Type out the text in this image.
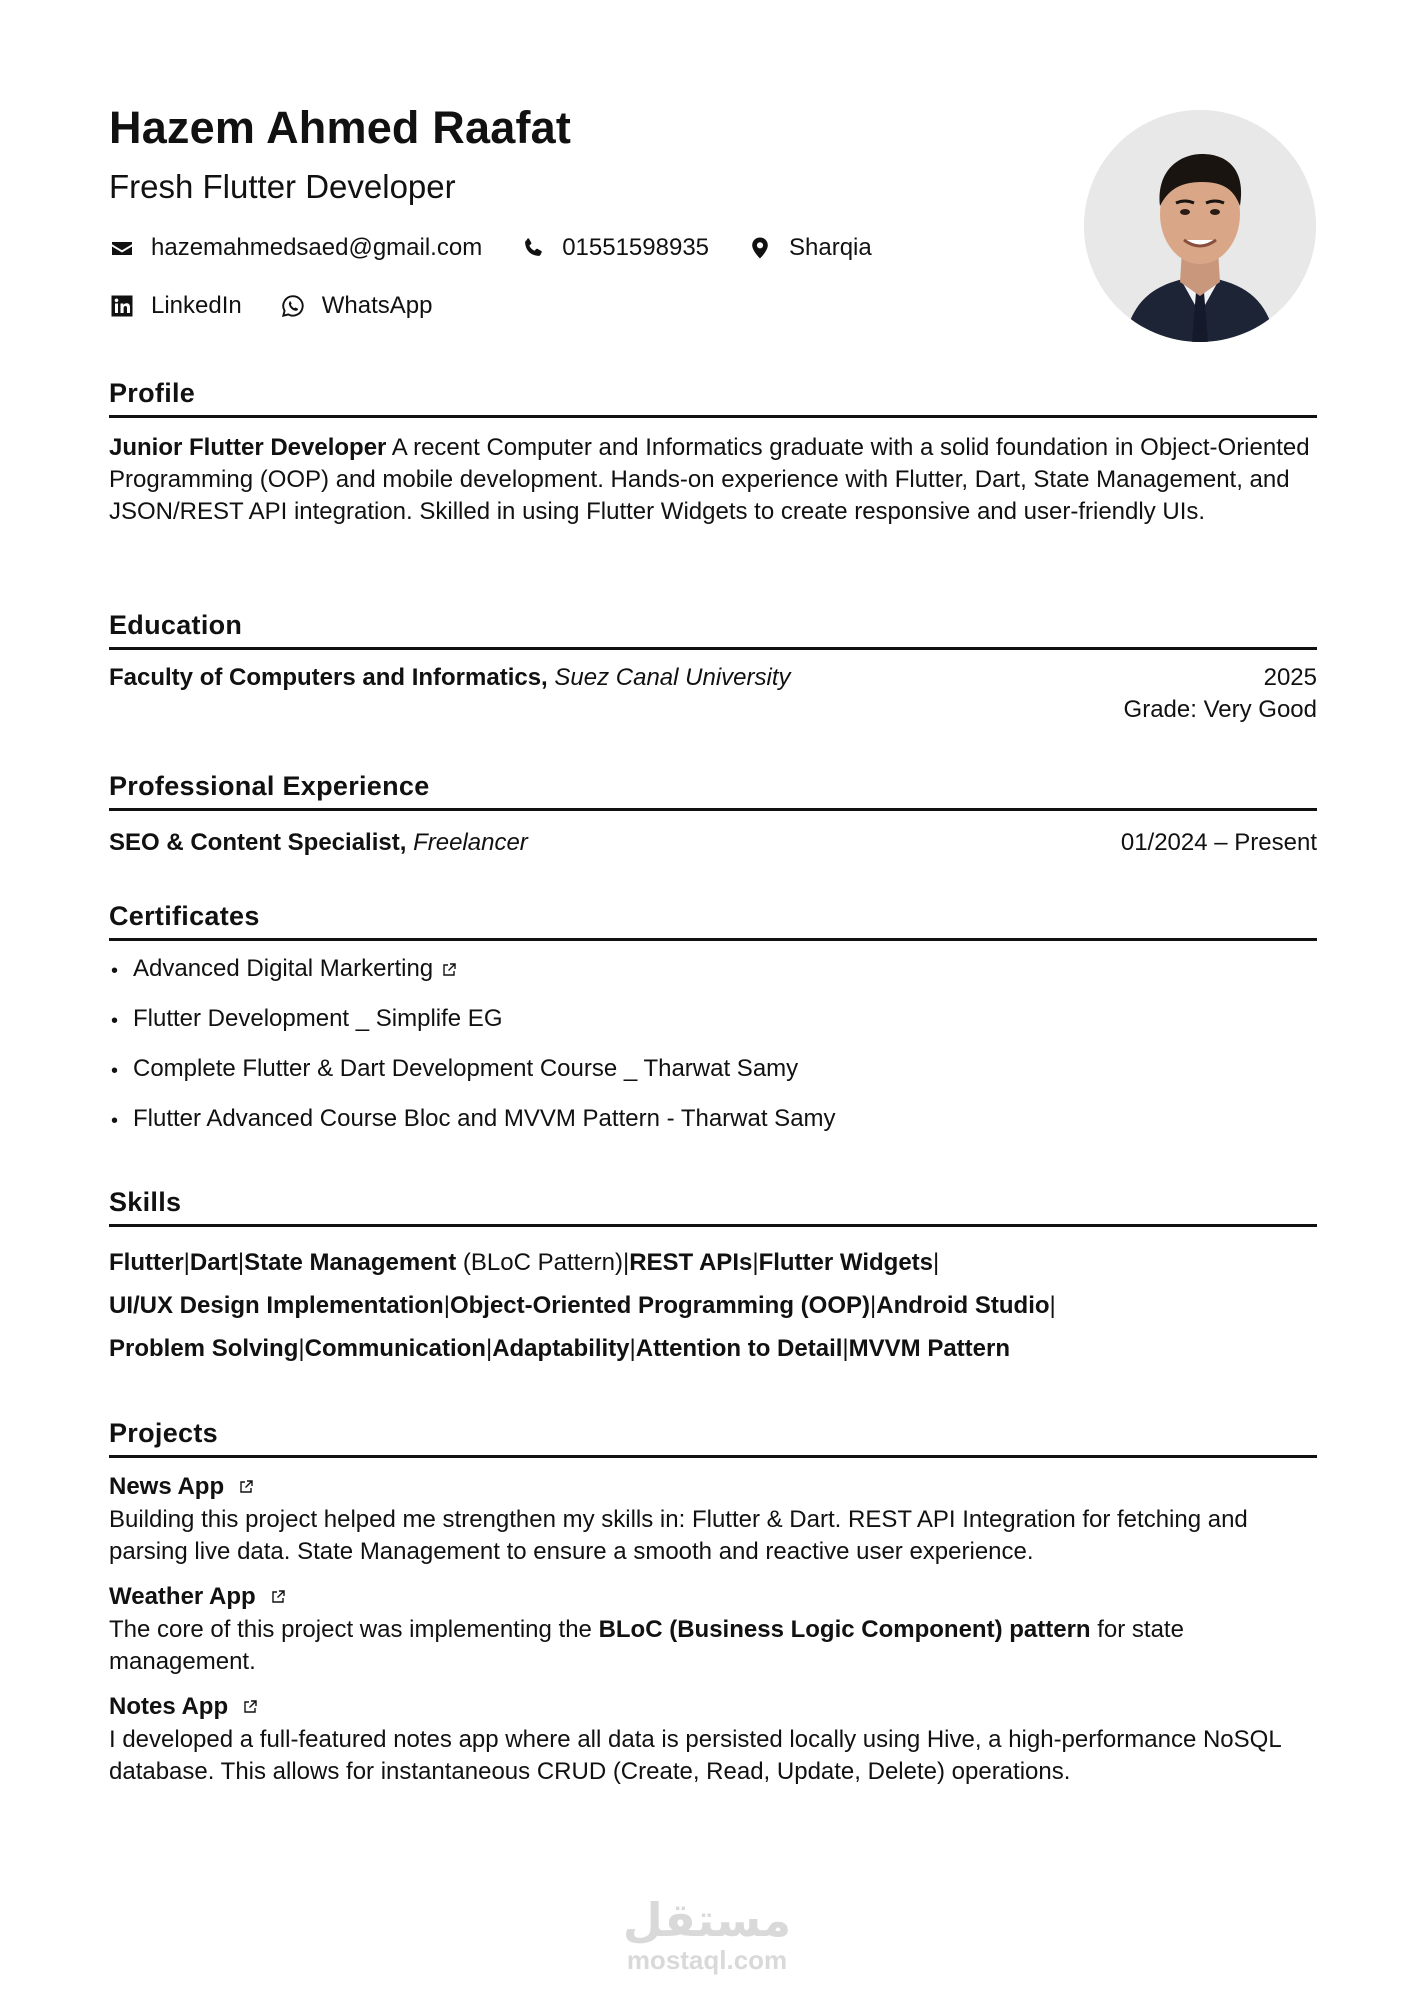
Hazem Ahmed Raafat
Fresh Flutter Developer
hazemahmedsaed@gmail.com	01551598935	Sharqia
LinkedIn	WhatsApp
Profile

Junior Flutter Developer A recent Computer and Informatics graduate with a solid foundation in Object-Oriented Programming (OOP) and mobile development. Hands-on experience with Flutter, Dart, State Management, and JSON/REST API integration. Skilled in using Flutter Widgets to create responsive and user-friendly UIs.

Education
Faculty of Computers and Informatics, Suez Canal University	2025
Grade: Very Good
Professional Experience
SEO & Content Specialist, Freelancer	01/2024 – Present
Certificates
• Advanced Digital Markerting
• Flutter Development _ Simplife EG
• Complete Flutter & Dart Development Course _ Tharwat Samy
• Flutter Advanced Course Bloc and MVVM Pattern - Tharwat Samy
Skills
Flutter|Dart|State Management (BLoC Pattern)|REST APIs|Flutter Widgets|
UI/UX Design Implementation|Object-Oriented Programming (OOP)|Android Studio|
Problem Solving|Communication|Adaptability|Attention to Detail|MVVM Pattern
Projects
News App

Building this project helped me strengthen my skills in: Flutter & Dart. REST API Integration for fetching and parsing live data. State Management to ensure a smooth and reactive user experience.

Weather App

The core of this project was implementing the BLoC (Business Logic Component) pattern for state management.

Notes App

I developed a full-featured notes app where all data is persisted locally using Hive, a high-performance NoSQL database. This allows for instantaneous CRUD (Create, Read, Update, Delete) operations.

مستقل
mostaql.com
